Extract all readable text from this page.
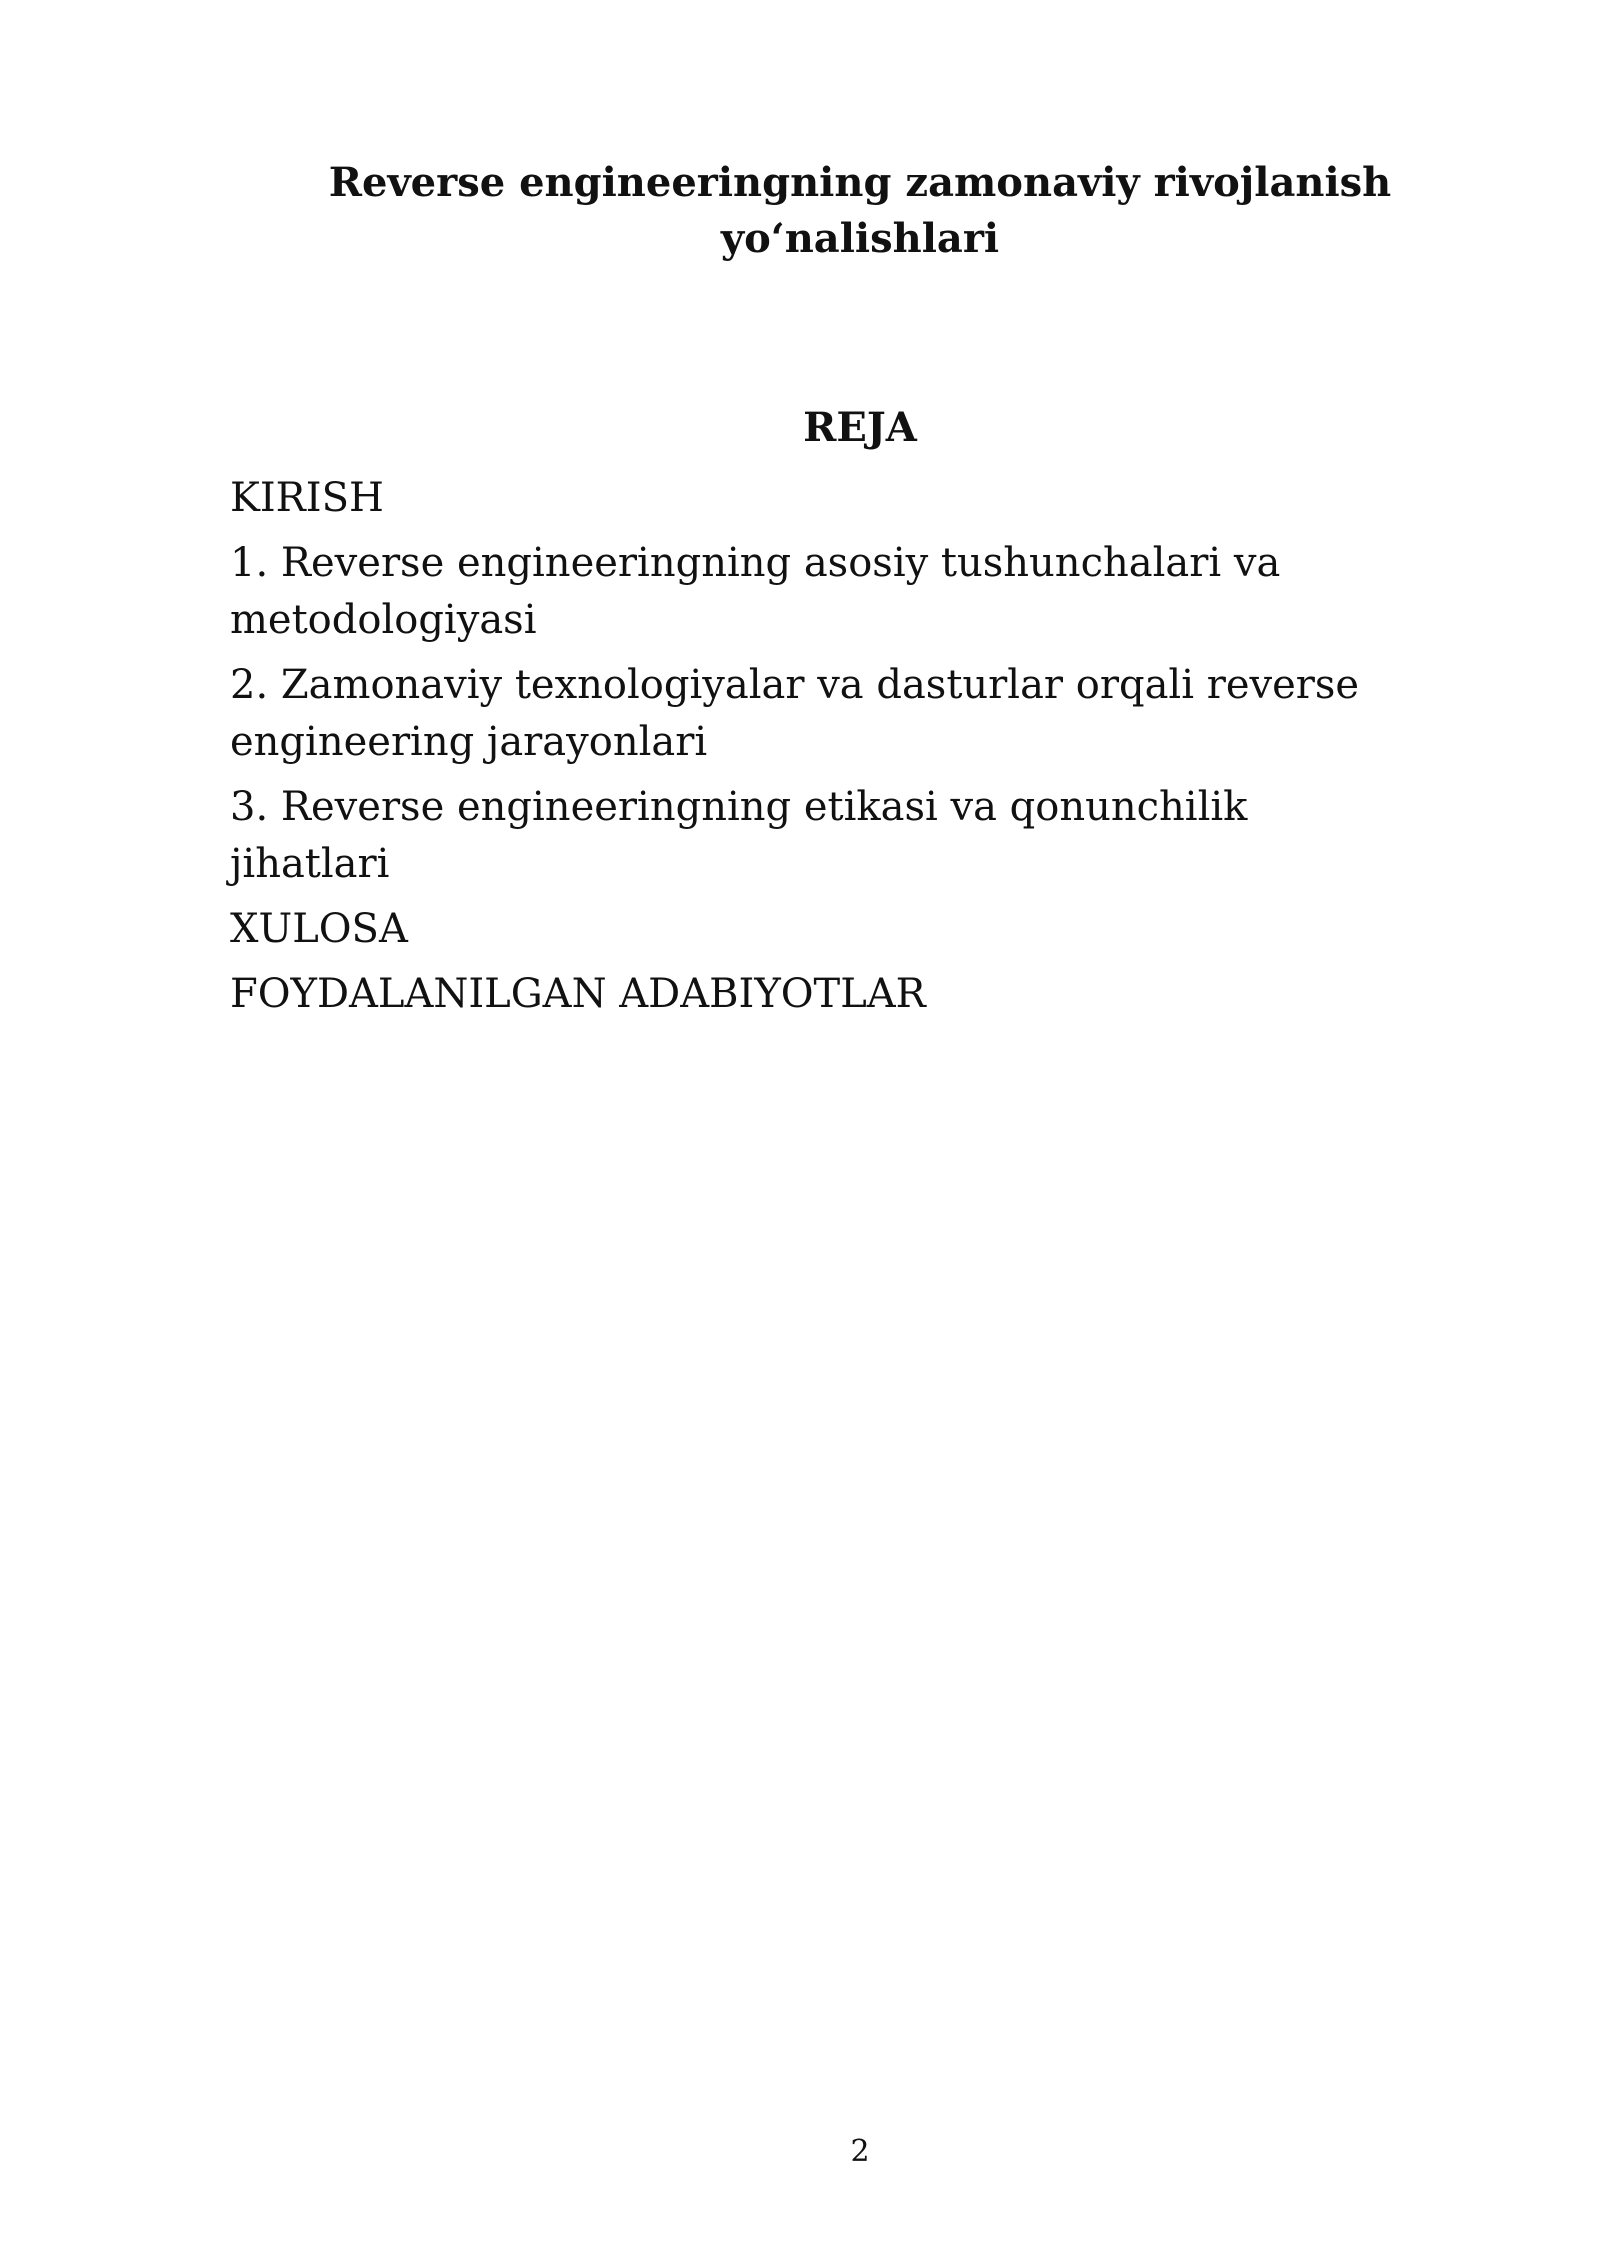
Reverse engineeringning zamonaviy rivojlanish
yo‘nalishlari
REJA
KIRISH
1. Reverse engineeringning asosiy tushunchalari va metodologiyasi
2. Zamonaviy texnologiyalar va dasturlar orqali reverse engineering jarayonlari
3. Reverse engineeringning etikasi va qonunchilik jihatlari
XULOSA
FOYDALANILGAN ADABIYOTLAR
2
